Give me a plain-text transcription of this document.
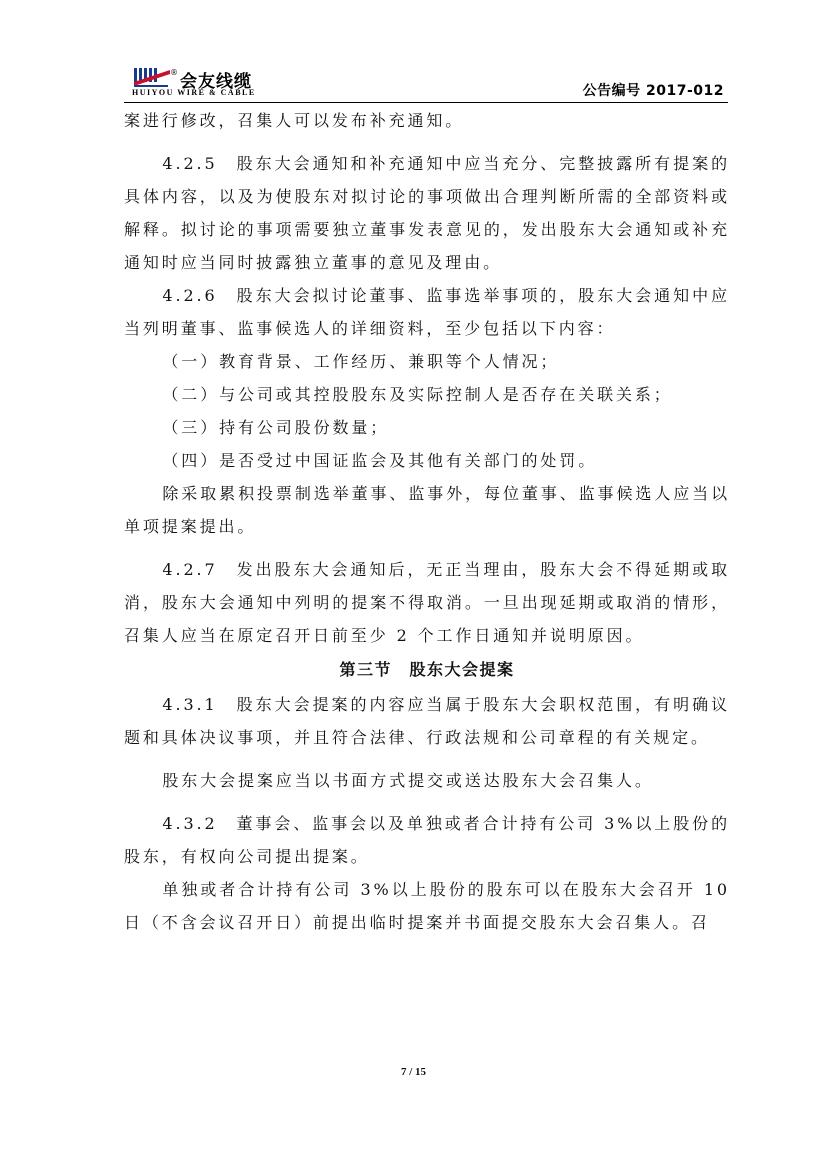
® 会友线缆
HUIYOU WIRE & CABLE	公告编号 2017-012

案进行修改，召集人可以发布补充通知。

4.2.5　股东大会通知和补充通知中应当充分、完整披露所有提案的具体内容，以及为使股东对拟讨论的事项做出合理判断所需的全部资料或解释。拟讨论的事项需要独立董事发表意见的，发出股东大会通知或补充通知时应当同时披露独立董事的意见及理由。

4.2.6　股东大会拟讨论董事、监事选举事项的，股东大会通知中应当列明董事、监事候选人的详细资料，至少包括以下内容：

（一）教育背景、工作经历、兼职等个人情况；

（二）与公司或其控股股东及实际控制人是否存在关联关系；

（三）持有公司股份数量；

（四）是否受过中国证监会及其他有关部门的处罚。

除采取累积投票制选举董事、监事外，每位董事、监事候选人应当以单项提案提出。

4.2.7　发出股东大会通知后，无正当理由，股东大会不得延期或取消，股东大会通知中列明的提案不得取消。一旦出现延期或取消的情形，召集人应当在原定召开日前至少 2 个工作日通知并说明原因。

第三节　股东大会提案

4.3.1　股东大会提案的内容应当属于股东大会职权范围，有明确议题和具体决议事项，并且符合法律、行政法规和公司章程的有关规定。

股东大会提案应当以书面方式提交或送达股东大会召集人。

4.3.2　董事会、监事会以及单独或者合计持有公司 3%以上股份的股东，有权向公司提出提案。

单独或者合计持有公司 3%以上股份的股东可以在股东大会召开 10日（不含会议召开日）前提出临时提案并书面提交股东大会召集人。召

7 / 15
